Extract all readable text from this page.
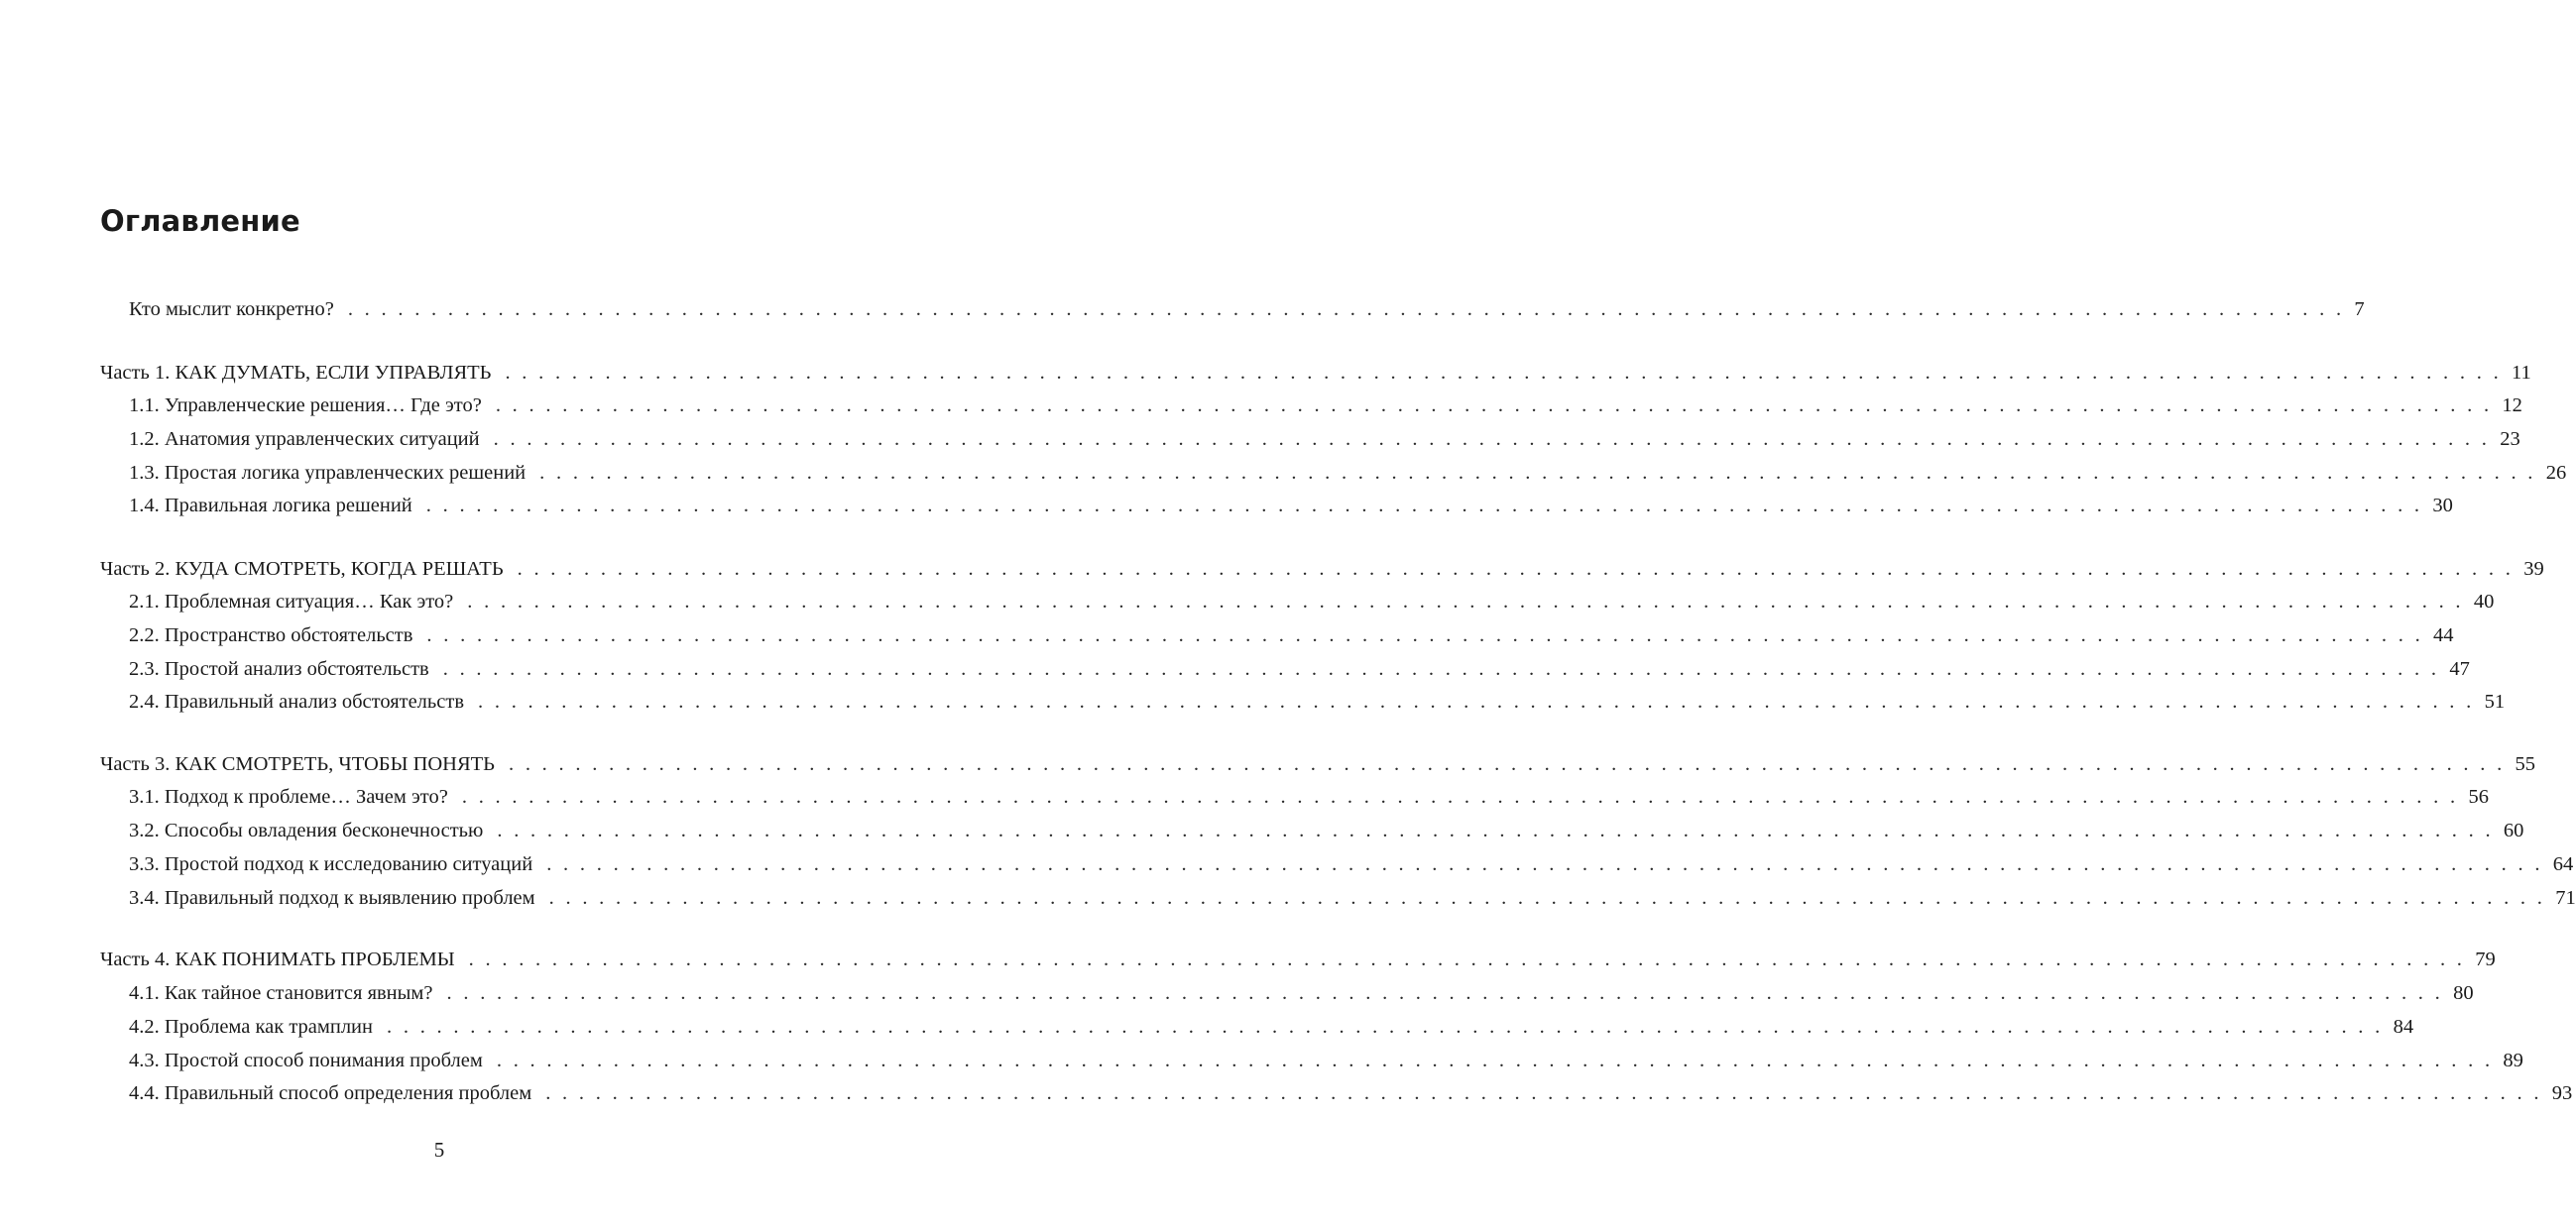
Оглавление
Кто мыслит конкретно? . . . . . . . . . . . . . . . . . . . . . . . . . . . . . . . . . . . . . . . . . . . . . . . . . . . . . . . . . . . . . . . . . . . . . . . . . . . . . . . . . . . . . . . . . . . . . . . . . . . . . . . . . . . . . . . . . . . . . . . . 7
Часть 1. КАК ДУМАТЬ, ЕСЛИ УПРАВЛЯТЬ . . . . . . . . . . . . . . . . . . . . . . . . . . . . . . . . . . . . . . . . . . . . . . . . . . . . . . . . . . . . . . . . . . . . . . . . . . . . . . . . . . . . . . . . . . . . . . . . . . . . . . . . . . . . . . . . . . . . . . . . 11
1.1. Управленческие решения… Где это? . . . . . . . . . . . . . . . . . . . . . . . . . . . . . . . . . . . . . . . . . . . . . . . . . . . . . . . . . . . . . . . . . . . . . . . . . . . . . . . . . . . . . . . . . . . . . . . . . . . . . . . . . . . . . . . . . . . . . . . . 12
1.2. Анатомия управленческих ситуаций . . . . . . . . . . . . . . . . . . . . . . . . . . . . . . . . . . . . . . . . . . . . . . . . . . . . . . . . . . . . . . . . . . . . . . . . . . . . . . . . . . . . . . . . . . . . . . . . . . . . . . . . . . . . . . . . . . . . . . . . 23
1.3. Простая логика управленческих решений . . . . . . . . . . . . . . . . . . . . . . . . . . . . . . . . . . . . . . . . . . . . . . . . . . . . . . . . . . . . . . . . . . . . . . . . . . . . . . . . . . . . . . . . . . . . . . . . . . . . . . . . . . . . . . . . . . . . . . . . 26
1.4. Правильная логика решений . . . . . . . . . . . . . . . . . . . . . . . . . . . . . . . . . . . . . . . . . . . . . . . . . . . . . . . . . . . . . . . . . . . . . . . . . . . . . . . . . . . . . . . . . . . . . . . . . . . . . . . . . . . . . . . . . . . . . . . . 30
Часть 2. КУДА СМОТРЕТЬ, КОГДА РЕШАТЬ . . . . . . . . . . . . . . . . . . . . . . . . . . . . . . . . . . . . . . . . . . . . . . . . . . . . . . . . . . . . . . . . . . . . . . . . . . . . . . . . . . . . . . . . . . . . . . . . . . . . . . . . . . . . . . . . . . . . . . . . 39
2.1. Проблемная ситуация… Как это? . . . . . . . . . . . . . . . . . . . . . . . . . . . . . . . . . . . . . . . . . . . . . . . . . . . . . . . . . . . . . . . . . . . . . . . . . . . . . . . . . . . . . . . . . . . . . . . . . . . . . . . . . . . . . . . . . . . . . . . . 40
2.2. Пространство обстоятельств . . . . . . . . . . . . . . . . . . . . . . . . . . . . . . . . . . . . . . . . . . . . . . . . . . . . . . . . . . . . . . . . . . . . . . . . . . . . . . . . . . . . . . . . . . . . . . . . . . . . . . . . . . . . . . . . . . . . . . . . 44
2.3. Простой анализ обстоятельств . . . . . . . . . . . . . . . . . . . . . . . . . . . . . . . . . . . . . . . . . . . . . . . . . . . . . . . . . . . . . . . . . . . . . . . . . . . . . . . . . . . . . . . . . . . . . . . . . . . . . . . . . . . . . . . . . . . . . . . . 47
2.4. Правильный анализ обстоятельств . . . . . . . . . . . . . . . . . . . . . . . . . . . . . . . . . . . . . . . . . . . . . . . . . . . . . . . . . . . . . . . . . . . . . . . . . . . . . . . . . . . . . . . . . . . . . . . . . . . . . . . . . . . . . . . . . . . . . . . . 51
Часть 3. КАК СМОТРЕТЬ, ЧТОБЫ ПОНЯТЬ . . . . . . . . . . . . . . . . . . . . . . . . . . . . . . . . . . . . . . . . . . . . . . . . . . . . . . . . . . . . . . . . . . . . . . . . . . . . . . . . . . . . . . . . . . . . . . . . . . . . . . . . . . . . . . . . . . . . . . . . 55
3.1. Подход к проблеме… Зачем это? . . . . . . . . . . . . . . . . . . . . . . . . . . . . . . . . . . . . . . . . . . . . . . . . . . . . . . . . . . . . . . . . . . . . . . . . . . . . . . . . . . . . . . . . . . . . . . . . . . . . . . . . . . . . . . . . . . . . . . . . 56
3.2. Способы овладения бесконечностью . . . . . . . . . . . . . . . . . . . . . . . . . . . . . . . . . . . . . . . . . . . . . . . . . . . . . . . . . . . . . . . . . . . . . . . . . . . . . . . . . . . . . . . . . . . . . . . . . . . . . . . . . . . . . . . . . . . . . . . . 60
3.3. Простой подход к исследованию ситуаций . . . . . . . . . . . . . . . . . . . . . . . . . . . . . . . . . . . . . . . . . . . . . . . . . . . . . . . . . . . . . . . . . . . . . . . . . . . . . . . . . . . . . . . . . . . . . . . . . . . . . . . . . . . . . . . . . . . . . . . . 64
3.4. Правильный подход к выявлению проблем . . . . . . . . . . . . . . . . . . . . . . . . . . . . . . . . . . . . . . . . . . . . . . . . . . . . . . . . . . . . . . . . . . . . . . . . . . . . . . . . . . . . . . . . . . . . . . . . . . . . . . . . . . . . . . . . . . . . . . . . 71
Часть 4. КАК ПОНИМАТЬ ПРОБЛЕМЫ . . . . . . . . . . . . . . . . . . . . . . . . . . . . . . . . . . . . . . . . . . . . . . . . . . . . . . . . . . . . . . . . . . . . . . . . . . . . . . . . . . . . . . . . . . . . . . . . . . . . . . . . . . . . . . . . . . . . . . . . 79
4.1. Как тайное становится явным? . . . . . . . . . . . . . . . . . . . . . . . . . . . . . . . . . . . . . . . . . . . . . . . . . . . . . . . . . . . . . . . . . . . . . . . . . . . . . . . . . . . . . . . . . . . . . . . . . . . . . . . . . . . . . . . . . . . . . . . . 80
4.2. Проблема как трамплин . . . . . . . . . . . . . . . . . . . . . . . . . . . . . . . . . . . . . . . . . . . . . . . . . . . . . . . . . . . . . . . . . . . . . . . . . . . . . . . . . . . . . . . . . . . . . . . . . . . . . . . . . . . . . . . . . . . . . . . . 84
4.3. Простой способ понимания проблем . . . . . . . . . . . . . . . . . . . . . . . . . . . . . . . . . . . . . . . . . . . . . . . . . . . . . . . . . . . . . . . . . . . . . . . . . . . . . . . . . . . . . . . . . . . . . . . . . . . . . . . . . . . . . . . . . . . . . . . . 89
4.4. Правильный способ определения проблем . . . . . . . . . . . . . . . . . . . . . . . . . . . . . . . . . . . . . . . . . . . . . . . . . . . . . . . . . . . . . . . . . . . . . . . . . . . . . . . . . . . . . . . . . . . . . . . . . . . . . . . . . . . . . . . . . . . . . . . . 93
5
